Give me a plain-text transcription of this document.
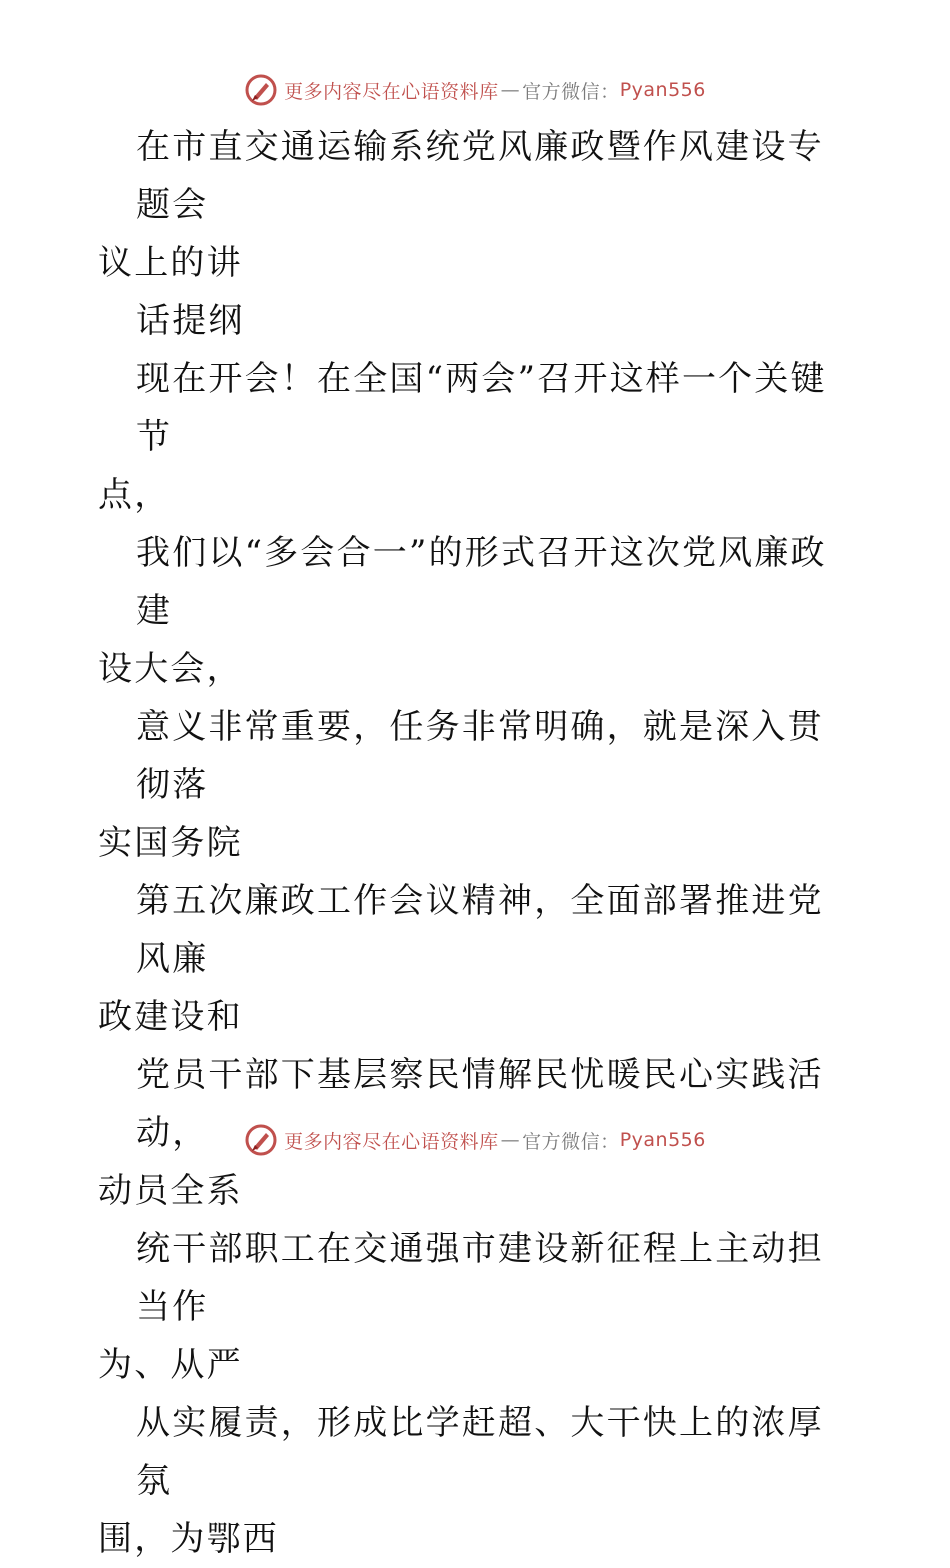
更多内容尽在心语资料库 — 官方微信： Pyan556

在市直交通运输系统党风廉政暨作风建设专题会
议上的讲

话提纲

现在开会！在全国“两会”召开这样一个关键节
点，

我们以“多会合一”的形式召开这次党风廉政建
设大会，

意义非常重要，任务非常明确，就是深入贯彻落
实国务院

第五次廉政工作会议精神，全面部署推进党风廉
政建设和

党员干部下基层察民情解民忧暖民心实践活动，
动员全系

统干部职工在交通强市建设新征程上主动担当作
为、从严

从实履责，形成比学赶超、大干快上的浓厚氛
围，为鄂西

更多内容尽在心语资料库 — 官方微信： Pyan556
